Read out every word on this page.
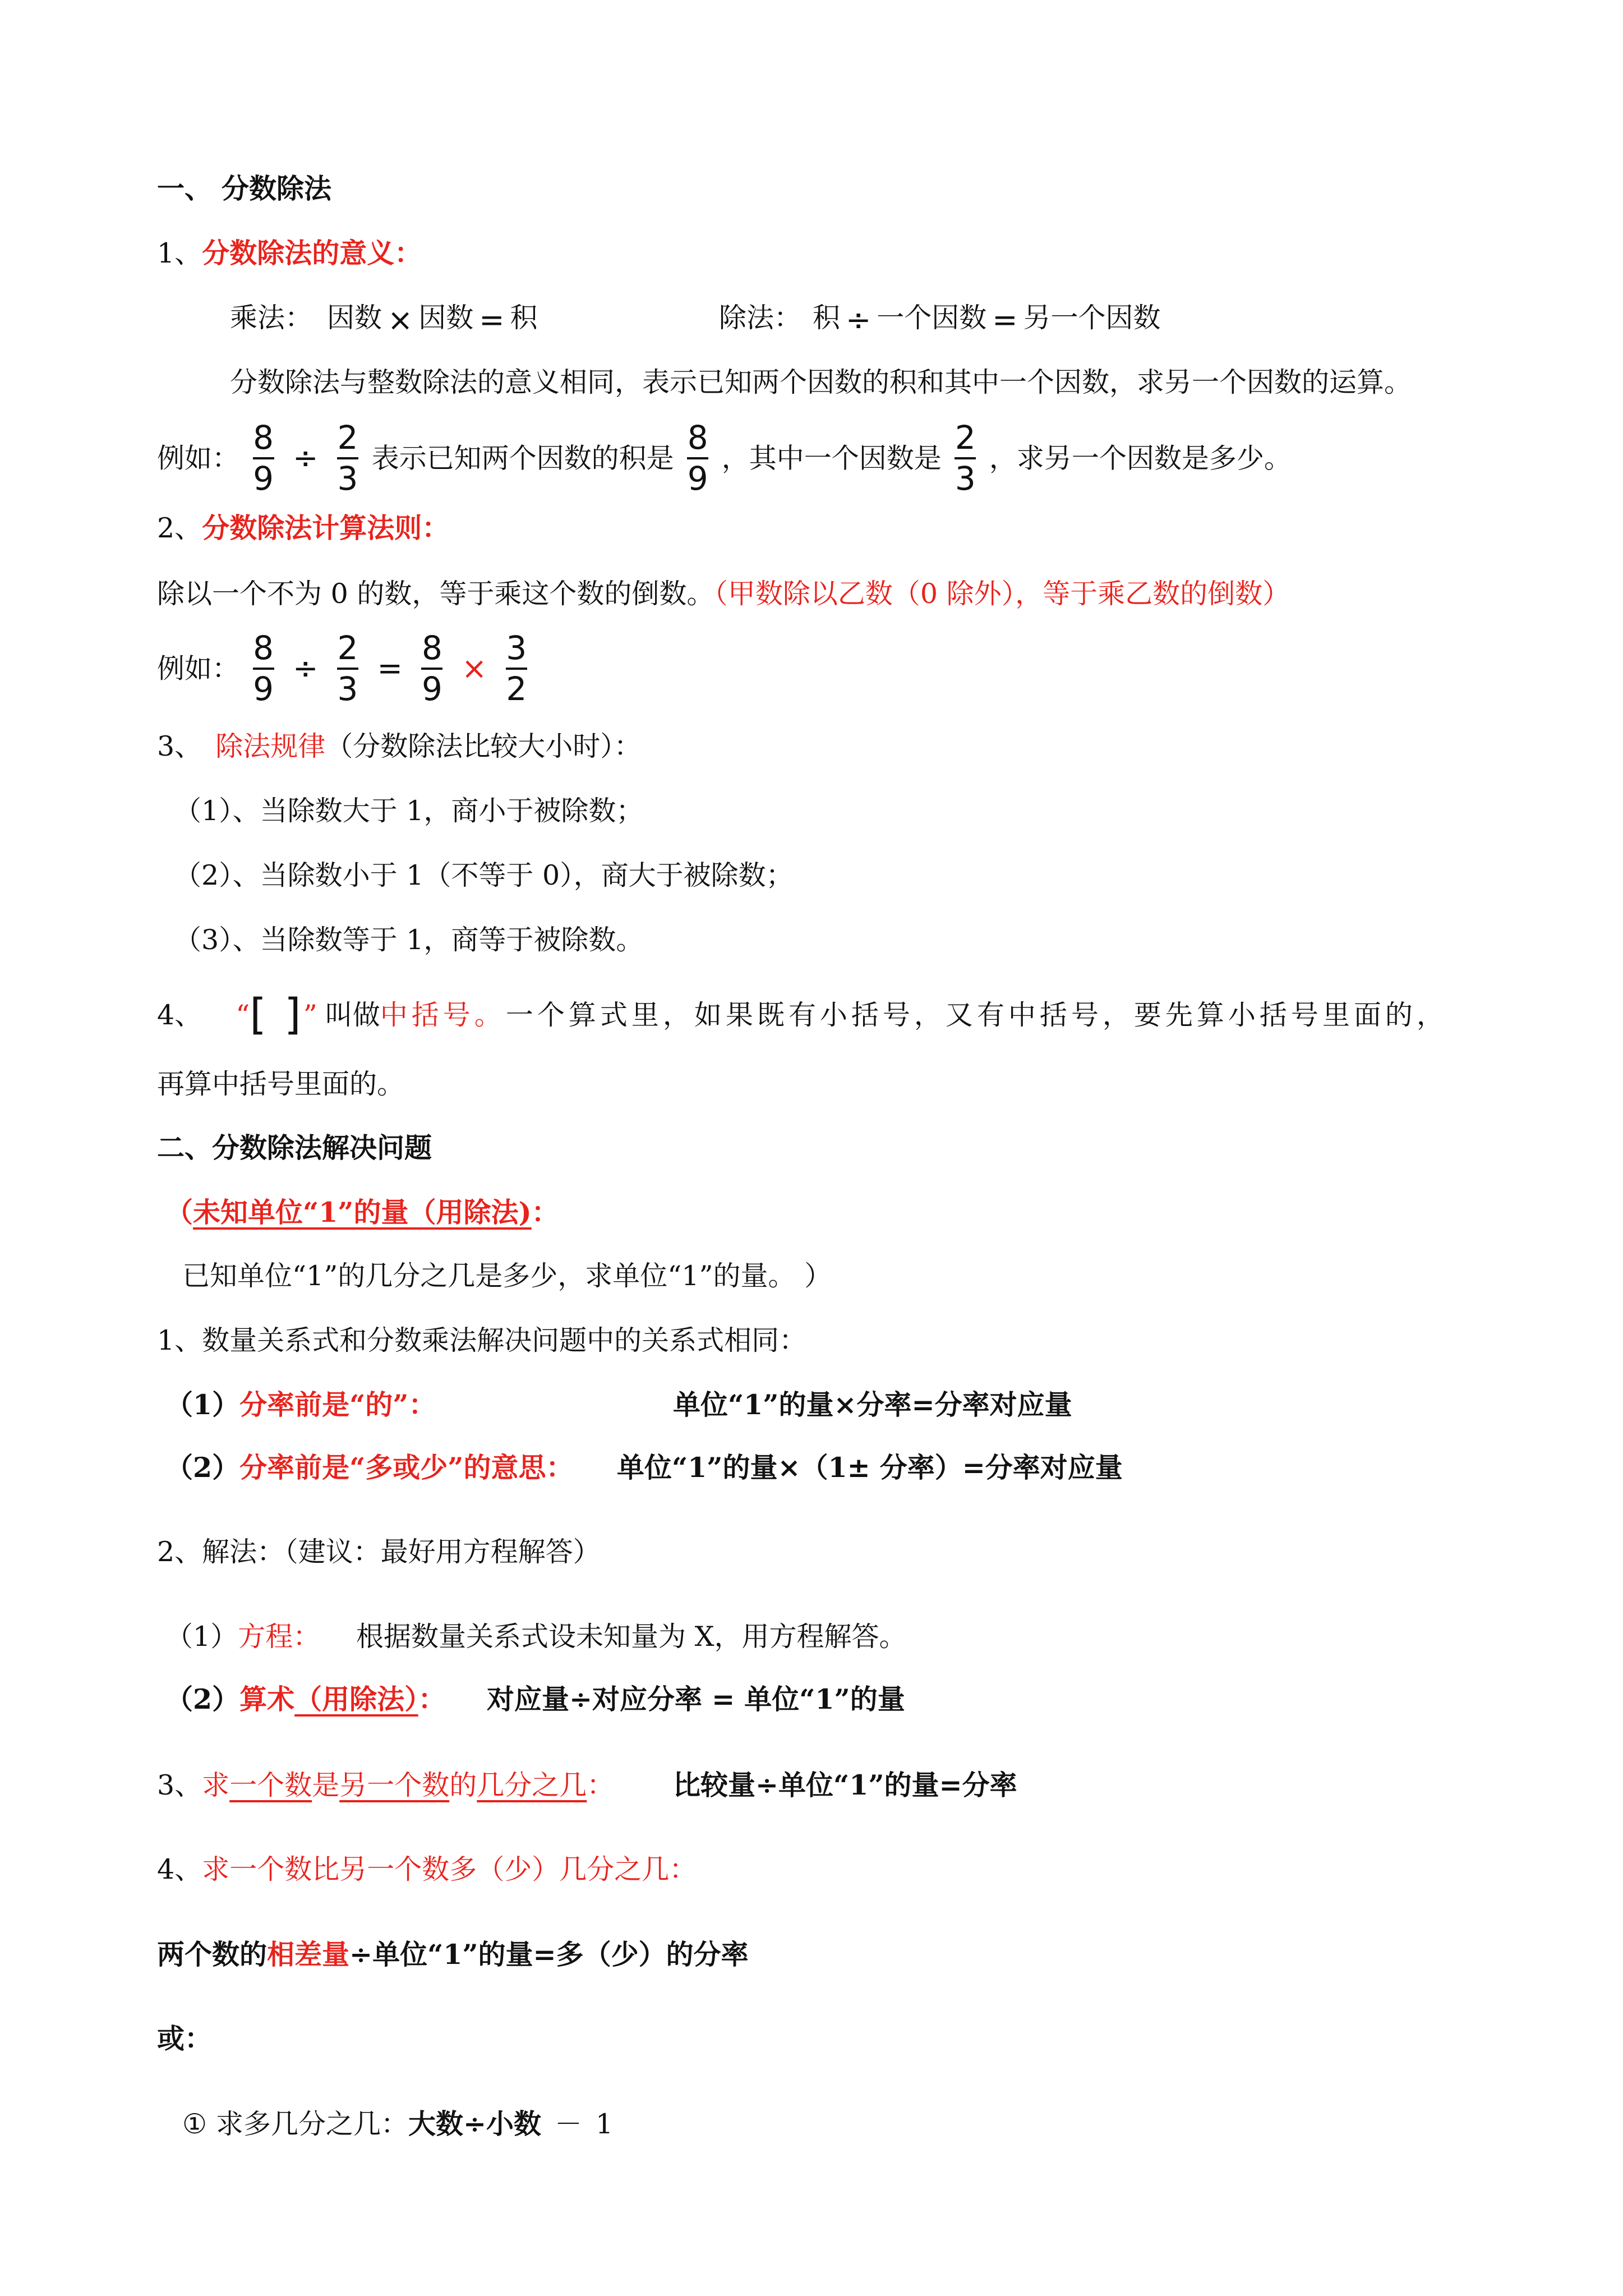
一、 分数除法
1、分数除法的意义：
乘法： 因数 × 因数 = 积	除法： 积 ÷ 一个因数 = 另一个因数
分数除法与整数除法的意义相同，表示已知两个因数的积和其中一个因数，求另一个因数的运算。
例如： $\frac{8}{9} \div \frac{2}{3}$ 表示已知两个因数的积是 $\frac{8}{9}$ ，其中一个因数是 $\frac{2}{3}$ ，求另一个因数是多少。
2、分数除法计算法则：
除以一个不为 0 的数，等于乘这个数的倒数。（甲数除以乙数（0 除外），等于乘乙数的倒数）
例如： $\frac{8}{9} \div \frac{2}{3} = \frac{8}{9} \times \frac{3}{2}$
3、 除法规律（分数除法比较大小时）：
（1）、当除数大于 1，商小于被除数；
（2）、当除数小于 1（不等于 0），商大于被除数；
（3）、当除数等于 1，商等于被除数。
4、 “[ ]” 叫做中括号。一个算式里，如果既有小括号，又有中括号，要先算小括号里面的，
再算中括号里面的。
二、分数除法解决问题
（未知单位“1”的量（用除法)：
已知单位“1”的几分之几是多少，求单位“1”的量。 ）
1、数量关系式和分数乘法解决问题中的关系式相同：
（1）分率前是“的”：	单位“1”的量×分率=分率对应量
（2）分率前是“多或少”的意思： 单位“1”的量×（1± 分率）=分率对应量
2、解法：（建议：最好用方程解答）
（1）方程： 根据数量关系式设未知量为 X，用方程解答。
（2）算术（用除法）： 对应量÷对应分率 = 单位“1”的量
3、求一个数是另一个数的几分之几： 比较量÷单位“1”的量=分率
4、求一个数比另一个数多（少）几分之几：
两个数的相差量÷单位“1”的量=多（少）的分率
或：
① 求多几分之几：大数÷小数 － 1
